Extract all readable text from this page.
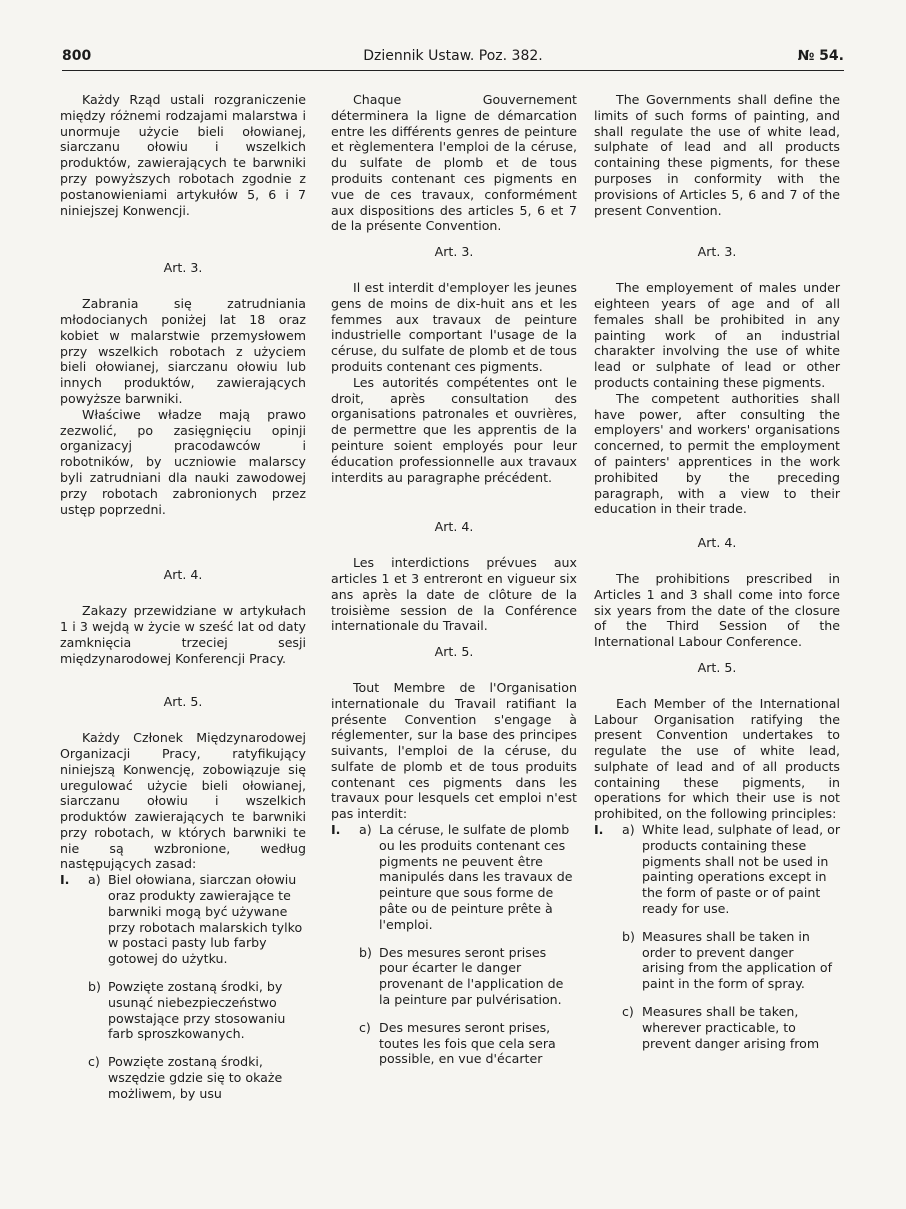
800	Dziennik Ustaw. Poz. 382.	№ 54.

Każdy Rząd ustali rozgraniczenie między różnemi rodzajami malarstwa i unormuje użycie bieli ołowianej, siarczanu ołowiu i wszelkich produktów, zawierających te barwniki przy powyższych robotach zgodnie z postanowieniami artykułów 5, 6 i 7 niniejszej Konwencji.

Art. 3.

Zabrania się zatrudniania młodocianych poniżej lat 18 oraz kobiet w malarstwie przemysłowem przy wszelkich robotach z użyciem bieli ołowianej, siarczanu ołowiu lub innych produktów, zawierających powyższe barwniki.

Właściwe władze mają prawo zezwolić, po zasięgnięciu opinji organizacyj pracodawców i robotników, by uczniowie malarscy byli zatrudniani dla nauki zawodowej przy robotach zabronionych przez ustęp poprzedni.

Art. 4.

Zakazy przewidziane w artykułach 1 i 3 wejdą w życie w sześć lat od daty zamknięcia trzeciej sesji międzynarodowej Konferencji Pracy.

Art. 5.

Każdy Członek Międzynarodowej Organizacji Pracy, ratyfikujący niniejszą Konwencję, zobowiązuje się uregulować użycie bieli ołowianej, siarczanu ołowiu i wszelkich produktów zawierających te barwniki przy robotach, w których barwniki te nie są wzbronione, według następujących zasad:

I. a) Biel ołowiana, siarczan ołowiu oraz produkty zawierające te barwniki mogą być używane przy robotach malarskich tylko w postaci pasty lub farby gotowej do użytku.

b) Powzięte zostaną środki, by usunąć niebezpieczeństwo powstające przy stosowaniu farb sproszkowanych.

c) Powzięte zostaną środki, wszędzie gdzie się to okaże możliwem, by usu

Chaque Gouvernement déterminera la ligne de démarcation entre les différents genres de peinture et règlementera l'emploi de la céruse, du sulfate de plomb et de tous produits contenant ces pigments en vue de ces travaux, conformément aux dispositions des articles 5, 6 et 7 de la présente Convention.

Art. 3.

Il est interdit d'employer les jeunes gens de moins de dix-huit ans et les femmes aux travaux de peinture industrielle comportant l'usage de la céruse, du sulfate de plomb et de tous produits contenant ces pigments.

Les autorités compétentes ont le droit, après consultation des organisations patronales et ouvrières, de permettre que les apprentis de la peinture soient employés pour leur éducation professionnelle aux travaux interdits au paragraphe précédent.

Art. 4.

Les interdictions prévues aux articles 1 et 3 entreront en vigueur six ans après la date de clôture de la troisième session de la Conférence internationale du Travail.

Art. 5.

Tout Membre de l'Organisation internationale du Travail ratifiant la présente Convention s'engage à réglementer, sur la base des principes suivants, l'emploi de la céruse, du sulfate de plomb et de tous produits contenant ces pigments dans les travaux pour lesquels cet emploi n'est pas interdit:

I. a) La céruse, le sulfate de plomb ou les produits contenant ces pigments ne peuvent être manipulés dans les travaux de peinture que sous forme de pâte ou de peinture prête à l'emploi.

b) Des mesures seront prises pour écarter le danger provenant de l'application de la peinture par pulvérisation.

c) Des mesures seront prises, toutes les fois que cela sera possible, en vue d'écarter

The Governments shall define the limits of such forms of painting, and shall regulate the use of white lead, sulphate of lead and all products containing these pigments, for these purposes in conformity with the provisions of Articles 5, 6 and 7 of the present Convention.

Art. 3.

The employement of males under eighteen years of age and of all females shall be prohibited in any painting work of an industrial charakter involving the use of white lead or sulphate of lead or other products containing these pigments.

The competent authorities shall have power, after consulting the employers' and workers' organisations concerned, to permit the employment of painters' apprentices in the work prohibited by the preceding paragraph, with a view to their education in their trade.

Art. 4.

The prohibitions prescribed in Articles 1 and 3 shall come into force six years from the date of the closure of the Third Session of the International Labour Conference.

Art. 5.

Each Member of the International Labour Organisation ratifying the present Convention undertakes to regulate the use of white lead, sulphate of lead and of all products containing these pigments, in operations for which their use is not prohibited, on the following principles:

I. a) White lead, sulphate of lead, or products containing these pigments shall not be used in painting operations except in the form of paste or of paint ready for use.

b) Measures shall be taken in order to prevent danger arising from the application of paint in the form of spray.

c) Measures shall be taken, wherever practicable, to prevent danger arising from
